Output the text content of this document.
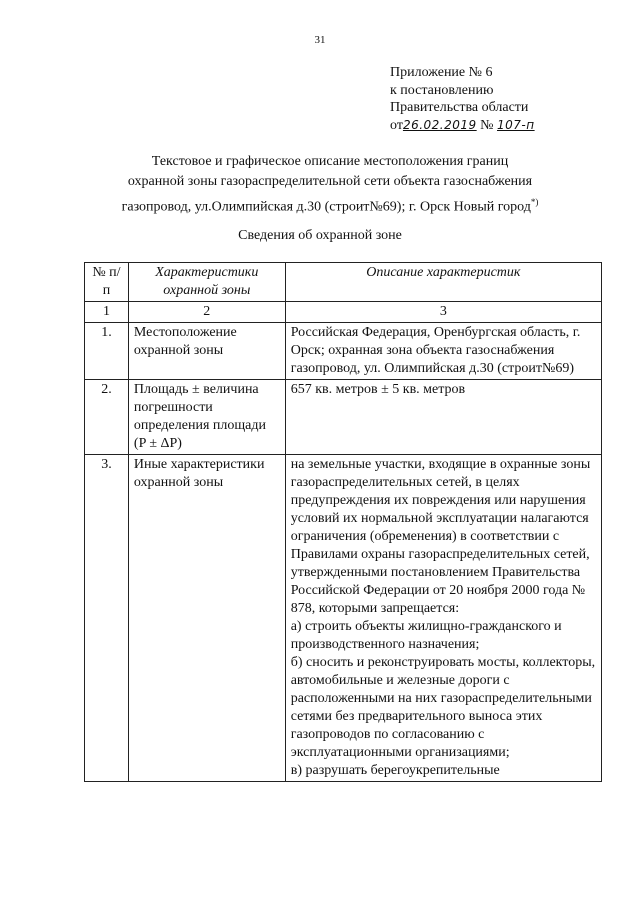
31
Приложение № 6
к постановлению
Правительства области
от26.02.2019 № 107-п
Текстовое и графическое описание местоположения границ
охранной зоны газораспределительной сети объекта газоснабжения
газопровод, ул.Олимпийская д.30 (строит№69); г. Орск Новый город*)
Сведения об охранной зоне
№ п/п	Характеристики охранной зоны	Описание характеристик
1	2	3
1.	Местоположение охранной зоны	Российская Федерация, Оренбургская область, г. Орск; охранная зона объекта газоснабжения газопровод, ул. Олимпийская д.30 (строит№69)
2.	Площадь ± величина погрешности определения площади (P ± ΔP)	657 кв. метров ± 5 кв. метров
3.	Иные характеристики охранной зоны	на земельные участки, входящие в охранные зоны газораспределительных сетей, в целях предупреждения их повреждения или нарушения условий их нормальной эксплуатации налагаются ограничения (обременения) в соответствии с Правилами охраны газораспределительных сетей, утвержденными постановлением Правительства Российской Федерации от 20 ноября 2000 года № 878, которыми запрещается:
а) строить объекты жилищно-гражданского и производственного назначения;
б) сносить и реконструировать мосты, коллекторы, автомобильные и железные дороги с расположенными на них газораспределительными сетями без предварительного выноса этих газопроводов по согласованию с эксплуатационными организациями;
в) разрушать берегоукрепительные
